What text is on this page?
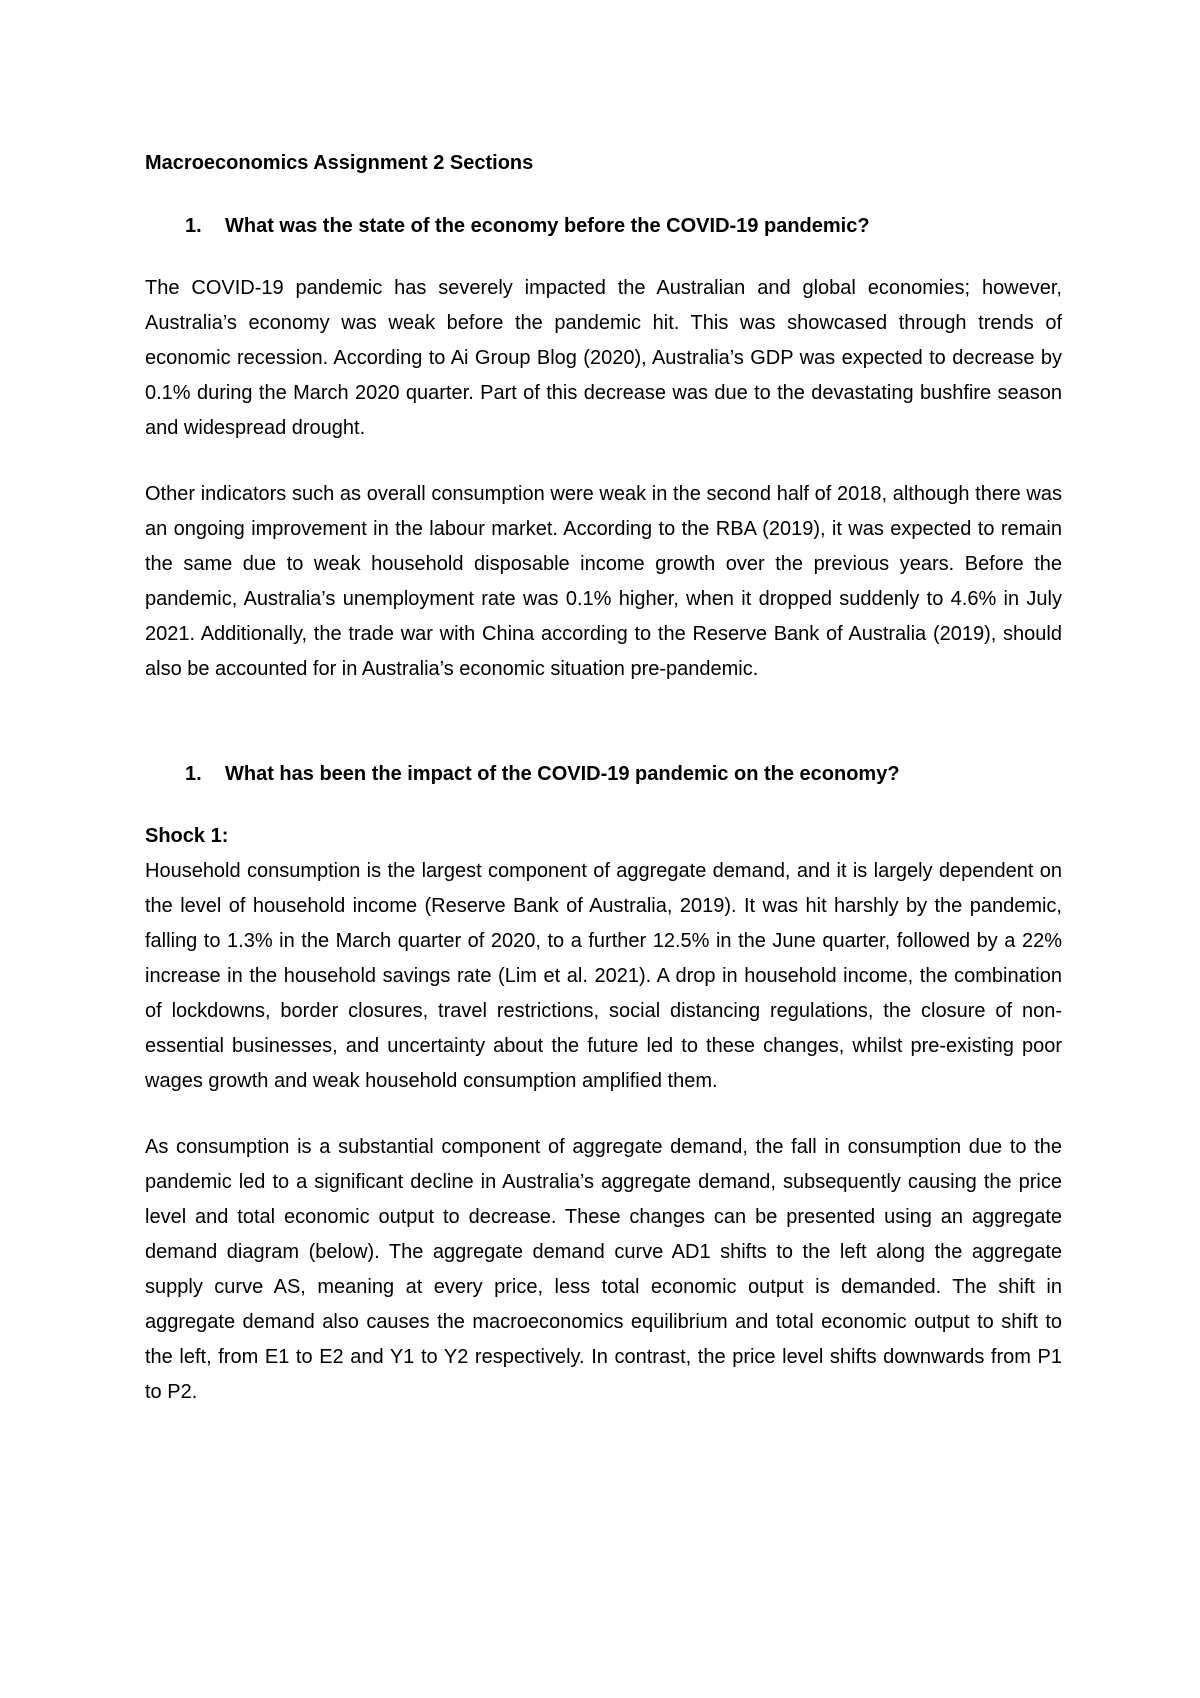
Macroeconomics Assignment 2 Sections
1.	What was the state of the economy before the COVID-19 pandemic?

The COVID-19 pandemic has severely impacted the Australian and global economies; however, Australia’s economy was weak before the pandemic hit. This was showcased through trends of economic recession. According to Ai Group Blog (2020), Australia’s GDP was expected to decrease by 0.1% during the March 2020 quarter. Part of this decrease was due to the devastating bushfire season and widespread drought.

Other indicators such as overall consumption were weak in the second half of 2018, although there was an ongoing improvement in the labour market. According to the RBA (2019), it was expected to remain the same due to weak household disposable income growth over the previous years. Before the pandemic, Australia’s unemployment rate was 0.1% higher, when it dropped suddenly to 4.6% in July 2021. Additionally, the trade war with China according to the Reserve Bank of Australia (2019), should also be accounted for in Australia’s economic situation pre-pandemic.

1.	What has been the impact of the COVID-19 pandemic on the economy?
Shock 1:

Household consumption is the largest component of aggregate demand, and it is largely dependent on the level of household income (Reserve Bank of Australia, 2019). It was hit harshly by the pandemic, falling to 1.3% in the March quarter of 2020, to a further 12.5% in the June quarter, followed by a 22% increase in the household savings rate (Lim et al. 2021). A drop in household income, the combination of lockdowns, border closures, travel restrictions, social distancing regulations, the closure of non-essential businesses, and uncertainty about the future led to these changes, whilst pre-existing poor wages growth and weak household consumption amplified them.

As consumption is a substantial component of aggregate demand, the fall in consumption due to the pandemic led to a significant decline in Australia’s aggregate demand, subsequently causing the price level and total economic output to decrease. These changes can be presented using an aggregate demand diagram (below). The aggregate demand curve AD1 shifts to the left along the aggregate supply curve AS, meaning at every price, less total economic output is demanded. The shift in aggregate demand also causes the macroeconomics equilibrium and total economic output to shift to the left, from E1 to E2 and Y1 to Y2 respectively. In contrast, the price level shifts downwards from P1 to P2.
